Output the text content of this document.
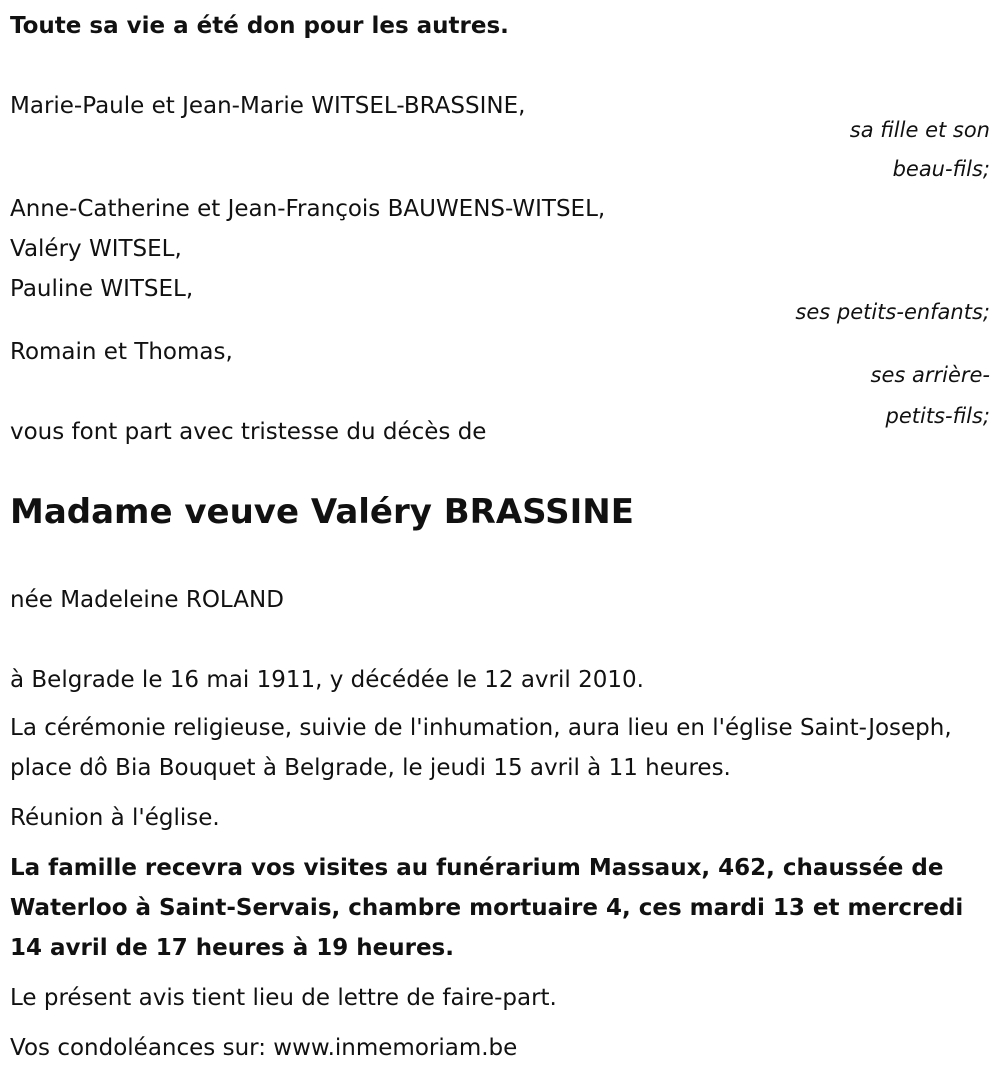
Toute sa vie a été don pour les autres.
Marie-Paule et Jean-Marie WITSEL-BRASSINE,
sa fille et son
beau-fils;
Anne-Catherine et Jean-François BAUWENS-WITSEL,
Valéry WITSEL,
Pauline WITSEL,
ses petits-enfants;
Romain et Thomas,
ses arrière-
petits-fils;
vous font part avec tristesse du décès de
Madame veuve Valéry BRASSINE
née Madeleine ROLAND
à Belgrade le 16 mai 1911, y décédée le 12 avril 2010.
La cérémonie religieuse, suivie de l'inhumation, aura lieu en l'église Saint-Joseph, place dô Bia Bouquet à Belgrade, le jeudi 15 avril à 11 heures.
Réunion à l'église.
La famille recevra vos visites au funérarium Massaux, 462, chaussée de Waterloo à Saint-Servais, chambre mortuaire 4, ces mardi 13 et mercredi 14 avril de 17 heures à 19 heures.
Le présent avis tient lieu de lettre de faire-part.
Vos condoléances sur: www.inmemoriam.be
